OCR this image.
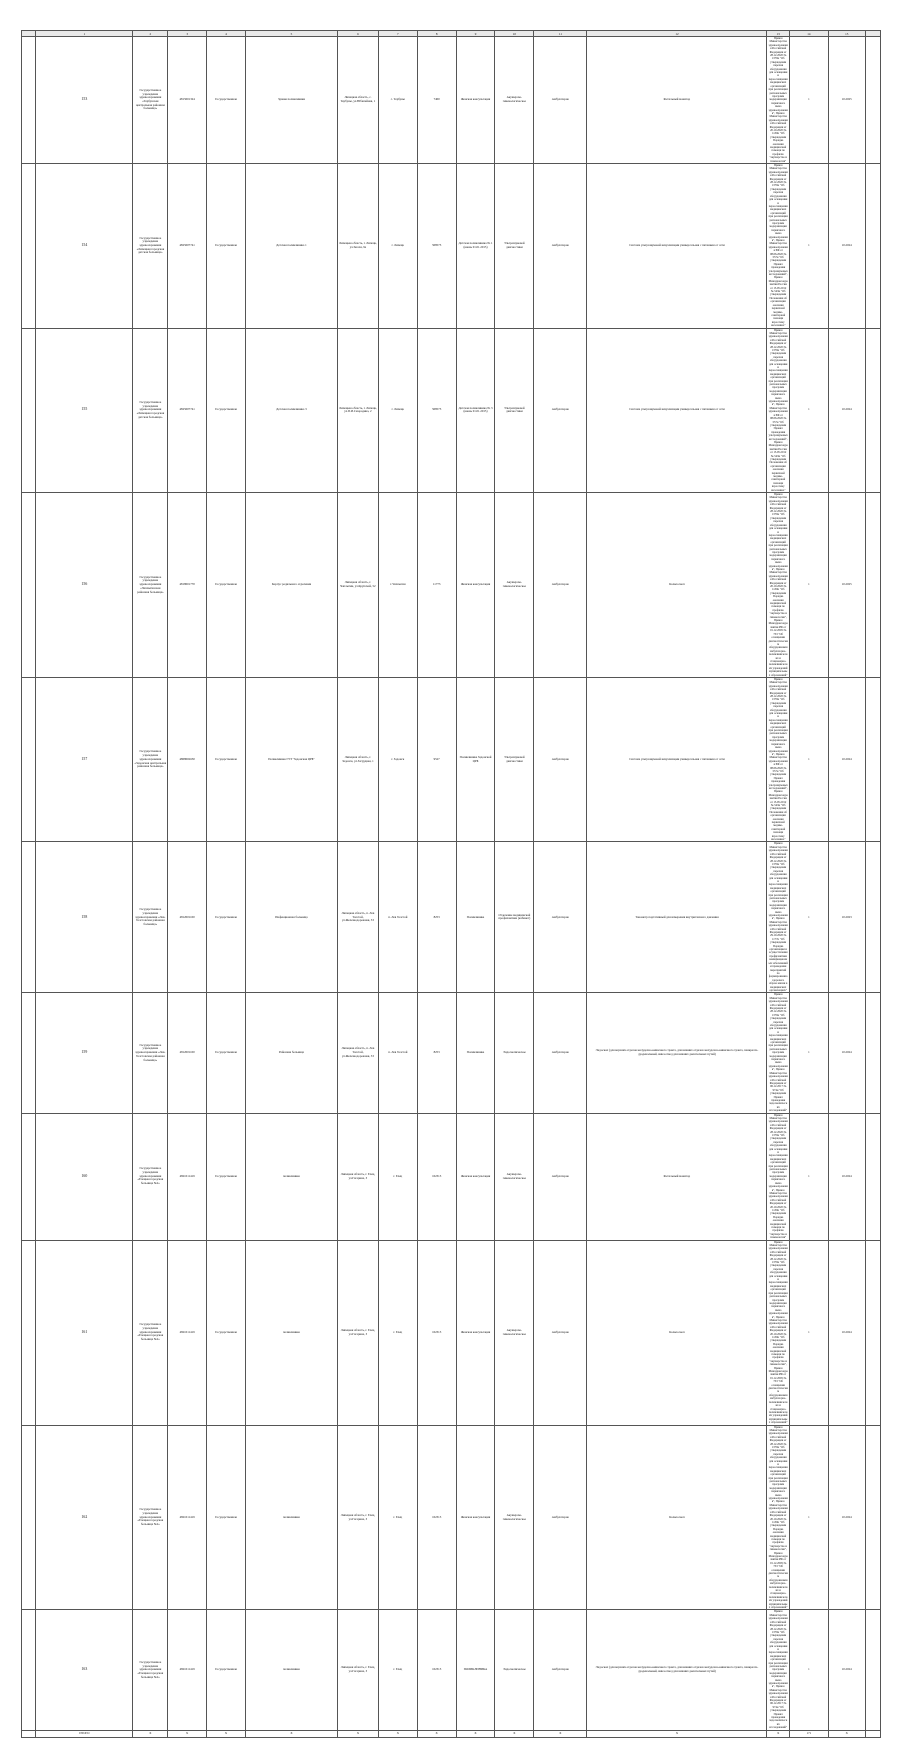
	1	2	3	4	5	6	7	8	9	10	11	12	13	14	15	
	153	Государственное учреждение здравоохранения «Тербунская центральная районная больница»	4815001324	Государственная	Здание поликлиники	Липецкая область, с. Тербуны, ул.Юбилейная, 1	с. Тербуны	7400	Женская консультация	Акушерско-гинекологическое	Амбулаторно	Фетальный монитор	Приказ Министерства здравоохранения Российской Федерации от 28.12.2020 № 1379н "Об утверждении перечня оборудования для оснащения и переоснащения медицинских организаций при реализации региональных программ модернизации первичного звена здравоохранения", Приказ Министерства здравоохранения Российской Федерации от 20.10.2020 № 1130н "Об утверждении Порядка оказания медицинской помощи по профилю "акушерство и гинекология"	1	10.2025	
	154	Государственное учреждение здравоохранения «Липецкая городская детская больница»	4825007741	Государственная	Детская поликлиника 1	Липецкая область, г. Липецк, ул.Зегеля, 9а	г. Липецк	508573	Детская поликлиника № 1 (вновь 01.01.2015)	Ультразвуковой диагностики	Амбулаторно	Система ультразвуковой визуализации универсальная с питанием от сети	Приказ Министерства здравоохранения Российской Федерации от 28.12.2020 № 1379н "Об утверждении перечня оборудования для оснащения и переоснащения медицинских организаций при реализации региональных программ модернизации первичного звена здравоохранения", Приказ Министерства здравоохранения РФ от 08.06.2020 № 557н "Об утверждении Правил проведения ультразвуковых исследований", Приказ Минздравсоцразвития России от 15.05.2012 № 543н "Об утверждении Положения об организации оказания первичной медико-санитарной помощи взрослому населению"	1	10.2024	
	155	Государственное учреждение здравоохранения «Липецкая городская детская больница»	4825007741	Государственная	Детская поликлиника 3	Липецкая область, г. Липецк, ул.П.И.Смородина, 2	г. Липецк	508573	Детская поликлиника № 3 (вновь 01.01.2015)	Ультразвуковой диагностики	Амбулаторно	Система ультразвуковой визуализации универсальная с питанием от сети	Приказ Министерства здравоохранения Российской Федерации от 28.12.2020 № 1379н "Об утверждении перечня оборудования для оснащения и переоснащения медицинских организаций при реализации региональных программ модернизации первичного звена здравоохранения", Приказ Министерства здравоохранения РФ от 08.06.2020 № 557н "Об утверждении Правил проведения ультразвуковых исследований", Приказ Минздравсоцразвития России от 15.05.2012 № 543н "Об утверждении Положения об организации оказания первичной медико-санитарной помощи взрослому населению"	1	10.2024	
	156	Государственное учреждение здравоохранения «Чаплыгинская районная больница»	4818001770	Государственная	Корпус родильного отделения	Липецкая область, г. Чаплыгин, ул.Крупской, 52	г. Чаплыгин	11773	Женская консультация	Акушерско-гинекологическое	Амбулаторно	Кольпоскоп	Приказ Министерства здравоохранения Российской Федерации от 28.12.2020 № 1379н "Об утверждении перечня оборудования для оснащения и переоснащения медицинских организаций при реализации региональных программ модернизации первичного звена здравоохранения", Приказ Министерства здравоохранения Российской Федерации от 20.10.2020 № 1130н "Об утверждении Порядка оказания медицинской помощи по профилю "акушерство и гинекология", Приказ Минздравсоцразвития РФ от 01.12.2005 № 753 "Об оснащении диагностическим оборудованием амбулаторно-поликлинических и стационарно-поликлинических учреждений муниципальных образований"	1	10.2025	
	157	Государственное учреждение здравоохранения «Задонская центральная районная больница»	4808002630	Государственная	Поликлиника ГУЗ "Задонская ЦРБ"	Липецкая область, г. Задонск, ул.Загрудная, 1	г. Задонск	9527	Поликлиника Задонской ЦРБ	Ультразвуковой диагностики	Амбулаторно	Система ультразвуковой визуализации универсальная с питанием от сети	Приказ Министерства здравоохранения Российской Федерации от 28.12.2020 № 1379н "Об утверждении перечня оборудования для оснащения и переоснащения медицинских организаций при реализации региональных программ модернизации первичного звена здравоохранения", Приказ Министерства здравоохранения РФ от 08.06.2020 № 557н "Об утверждении Правил проведения ультразвуковых исследований", Приказ Минздравсоцразвития России от 15.05.2012 № 543н "Об утверждении Положения об организации оказания первичной медико-санитарной помощи взрослому населению"	1	10.2024	
	158	Государственное учреждение здравоохранения «Лев-Толстовская районная больница»	4812001100	Государственная	Инфекционная больница	Липецкая область, п. Лев Толстой, ул.Железнодорожная, 33	п. Лев Толстой	8253	Поликлиника	Отделение медицинской профилактики (кабинет)	Амбулаторно	Тонометр портативный для измерения внутриглазного давления	Приказ Министерства здравоохранения Российской Федерации от 28.12.2020 № 1379н "Об утверждении перечня оборудования для оснащения и переоснащения медицинских организаций при реализации региональных программ модернизации первичного звена здравоохранения", Приказ Министерства здравоохранения Российской Федерации от 29.10.2020 № 1177н "Об утверждении Порядка организации и осуществления профилактики неинфекционных заболеваний и проведения мероприятий по формированию здорового образа жизни в медицинских организациях"	1	10.2023	
	159	Государственное учреждение здравоохранения «Лев-Толстовская районная больница»	4812001100	Государственная	Районная больница	Липецкая область, п. Лев Толстой, ул.Железнодорожная, 33	п. Лев Толстой	8253	Поликлиника	Эндоскопическое	Амбулаторно	Эндоскоп (для верхних отделов желудочно-кишечного тракта, для нижних отделов желудочно-кишечного тракта, панкреато-дуоденальный, вмкл.отвод для нижних дыхательных путей)	Приказ Министерства здравоохранения Российской Федерации от 28.12.2020 № 1379н "Об утверждении перечня оборудования для оснащения и переоснащения медицинских организаций при реализации региональных программ модернизации первичного звена здравоохранения", Приказ Министерства здравоохранения Российской Федерации от 06.12.2017 № 974н "Об утверждении Правил проведения эндоскопических исследований"	1	10.2024	
	160	Государственное учреждение здравоохранения «Елецкая городская больница №2»	4821011419	Государственная	поликлиника	Липецкая область, г. Елец, ул.Гагарина, 3	г. Елец	102313	Женская консультация	Акушерско-гинекологическое	Амбулаторно	Фетальный монитор	Приказ Министерства здравоохранения Российской Федерации от 28.12.2020 № 1379н "Об утверждении перечня оборудования для оснащения и переоснащения медицинских организаций при реализации региональных программ модернизации первичного звена здравоохранения", Приказ Министерства здравоохранения Российской Федерации от 20.10.2020 № 1130н "Об утверждении Порядка оказания медицинской помощи по профилю "акушерство и гинекология"	1	10.2024	
	161	Государственное учреждение здравоохранения «Елецкая городская больница №2»	4821011419	Государственная	поликлиника	Липецкая область, г. Елец, ул.Гагарина, 3	г. Елец	102313	Женская консультация	Акушерско-гинекологическое	Амбулаторно	Кольпоскоп	Приказ Министерства здравоохранения Российской Федерации от 28.12.2020 № 1379н "Об утверждении перечня оборудования для оснащения и переоснащения медицинских организаций при реализации региональных программ модернизации первичного звена здравоохранения", Приказ Министерства здравоохранения Российской Федерации от 20.10.2020 № 1130н "Об утверждении Порядка оказания медицинской помощи по профилю "акушерство и гинекология", Приказ Минздравсоцразвития РФ от 01.12.2005 № 753 "Об оснащении диагностическим оборудованием амбулаторно-поликлинических и стационарно-поликлинических учреждений муниципальных образований"	1	10.2024	
	162	Государственное учреждение здравоохранения «Елецкая городская больница №2»	4821011419	Государственная	поликлиника	Липецкая область, г. Елец, ул.Гагарина, 3	г. Елец	102313	Женская консультация	Акушерско-гинекологическое	Амбулаторно	Кольпоскоп	Приказ Министерства здравоохранения Российской Федерации от 28.12.2020 № 1379н "Об утверждении перечня оборудования для оснащения и переоснащения медицинских организаций при реализации региональных программ модернизации первичного звена здравоохранения", Приказ Министерства здравоохранения Российской Федерации от 20.10.2020 № 1130н "Об утверждении Порядка оказания медицинской помощи по профилю "акушерство и гинекология", Приказ Минздравсоцразвития РФ от 01.12.2005 № 753 "Об оснащении диагностическим оборудованием амбулаторно-поликлинических и стационарно-поликлинических учреждений муниципальных образований"	1	10.2024	
	163	Государственное учреждение здравоохранения «Елецкая городская больница №2»	4821011419	Государственная	поликлиника	Липецкая область, г. Елец, ул.Гагарина, 3	г. Елец	102313	ПОЛИКЛИНИКА	Эндоскопическое	Амбулаторно	Эндоскоп (для верхних отделов желудочно-кишечного тракта, для нижних отделов желудочно-кишечного тракта, панкреато-дуоденальный, вмкл.отвод для нижних дыхательных путей)	Приказ Министерства здравоохранения Российской Федерации от 28.12.2020 № 1379н "Об утверждении перечня оборудования для оснащения и переоснащения медицинских организаций при реализации региональных программ модернизации первичного звена здравоохранения", Приказ Министерства здравоохранения Российской Федерации от 06.12.2017 № 974н "Об утверждении Правил проведения эндоскопических исследований"	1	10.2024	
	ИТОГО	Х	Х	Х	Х	Х	Х	Х	Х	Х	Х	Х	Х	171	Х	
